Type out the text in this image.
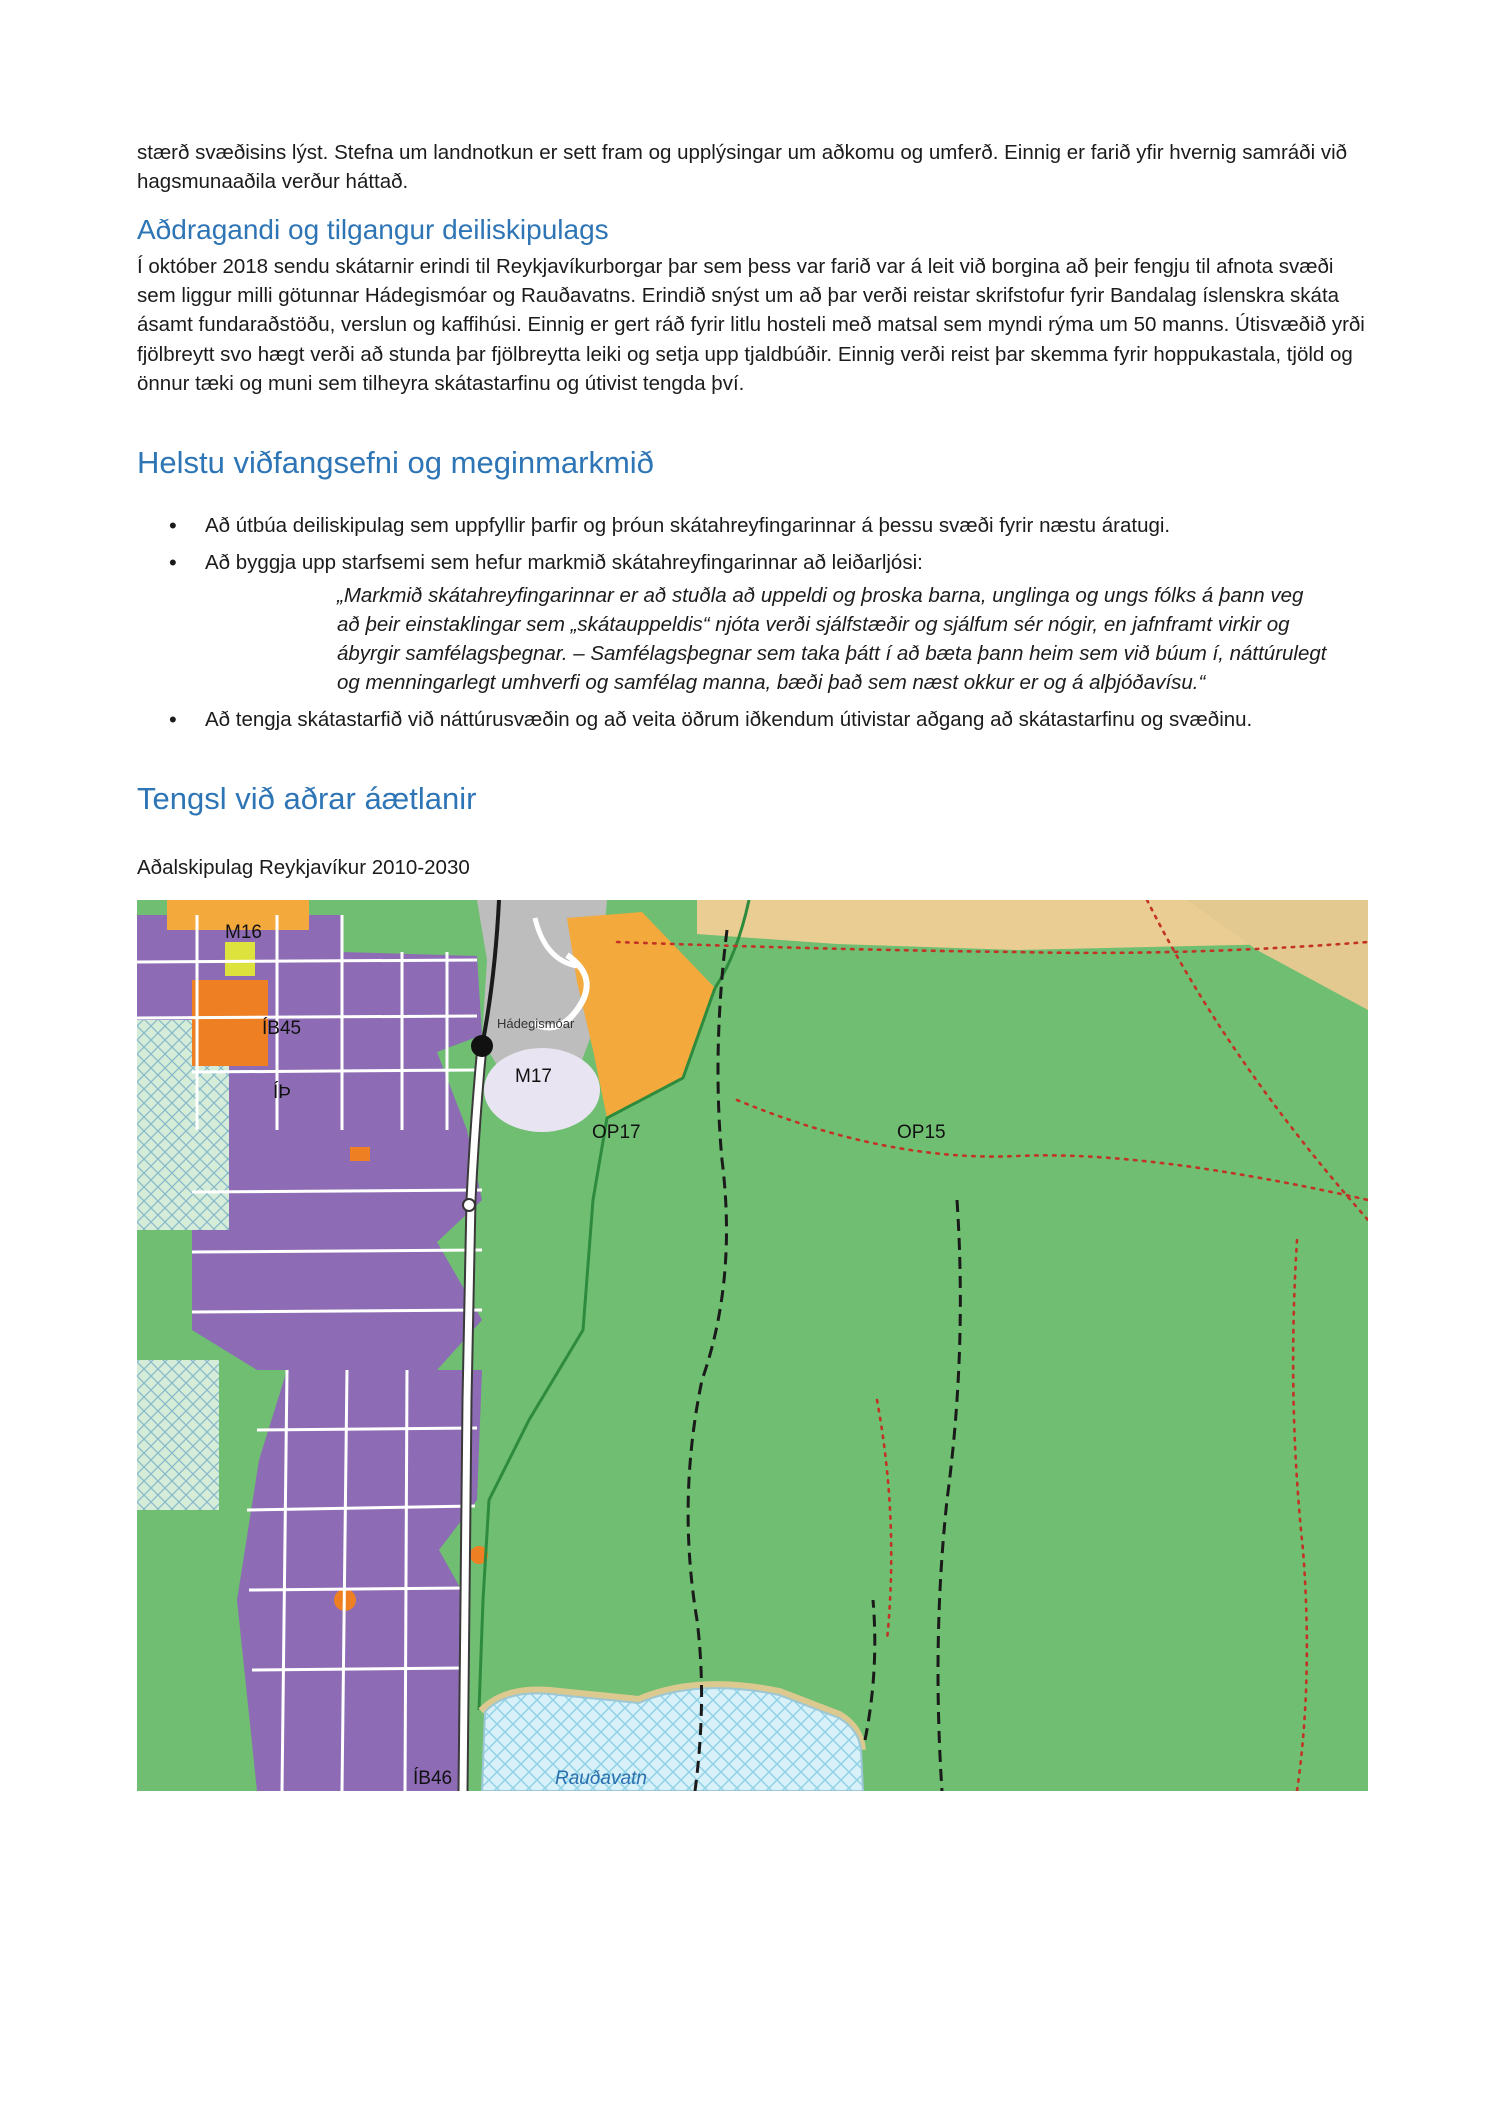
stærð svæðisins lýst. Stefna um landnotkun er sett fram og upplýsingar um aðkomu og umferð. Einnig er farið yfir hvernig samráði við hagsmunaaðila verður háttað.

Aðdragandi og tilgangur deiliskipulags

Í október 2018 sendu skátarnir erindi til Reykjavíkurborgar þar sem þess var farið var á leit við borgina að þeir fengju til afnota svæði sem liggur milli götunnar Hádegismóar og Rauðavatns. Erindið snýst um að þar verði reistar skrifstofur fyrir Bandalag íslenskra skáta ásamt fundaraðstöðu, verslun og kaffihúsi. Einnig er gert ráð fyrir litlu hosteli með matsal sem myndi rýma um 50 manns. Útisvæðið yrði fjölbreytt svo hægt verði að stunda þar fjölbreytta leiki og setja upp tjaldbúðir. Einnig verði reist þar skemma fyrir hoppukastala, tjöld og önnur tæki og muni sem tilheyra skátastarfinu og útivist tengda því.

Helstu viðfangsefni og meginmarkmið
• Að útbúa deiliskipulag sem uppfyllir þarfir og þróun skátahreyfingarinnar á þessu svæði fyrir næstu áratugi.
• Að byggja upp starfsemi sem hefur markmið skátahreyfingarinnar að leiðarljósi:
„Markmið skátahreyfingarinnar er að stuðla að uppeldi og þroska barna, unglinga og ungs fólks á þann veg að þeir einstaklingar sem „skátauppeldis“ njóta verði sjálfstæðir og sjálfum sér nógir, en jafnframt virkir og ábyrgir samfélagsþegnar. – Samfélagsþegnar sem taka þátt í að bæta þann heim sem við búum í, náttúrulegt og menningarlegt umhverfi og samfélag manna, bæði það sem næst okkur er og á alþjóðavísu.“
• Að tengja skátastarfið við náttúrusvæðin og að veita öðrum iðkendum útivistar aðgang að skátastarfinu og svæðinu.
Tengsl við aðrar áætlanir

Aðalskipulag Reykjavíkur 2010-2030

M16
ÍB45
ÍÞ
ÍB46
Hádegismóar
M17
OP17	OP15
Rauðavatn
